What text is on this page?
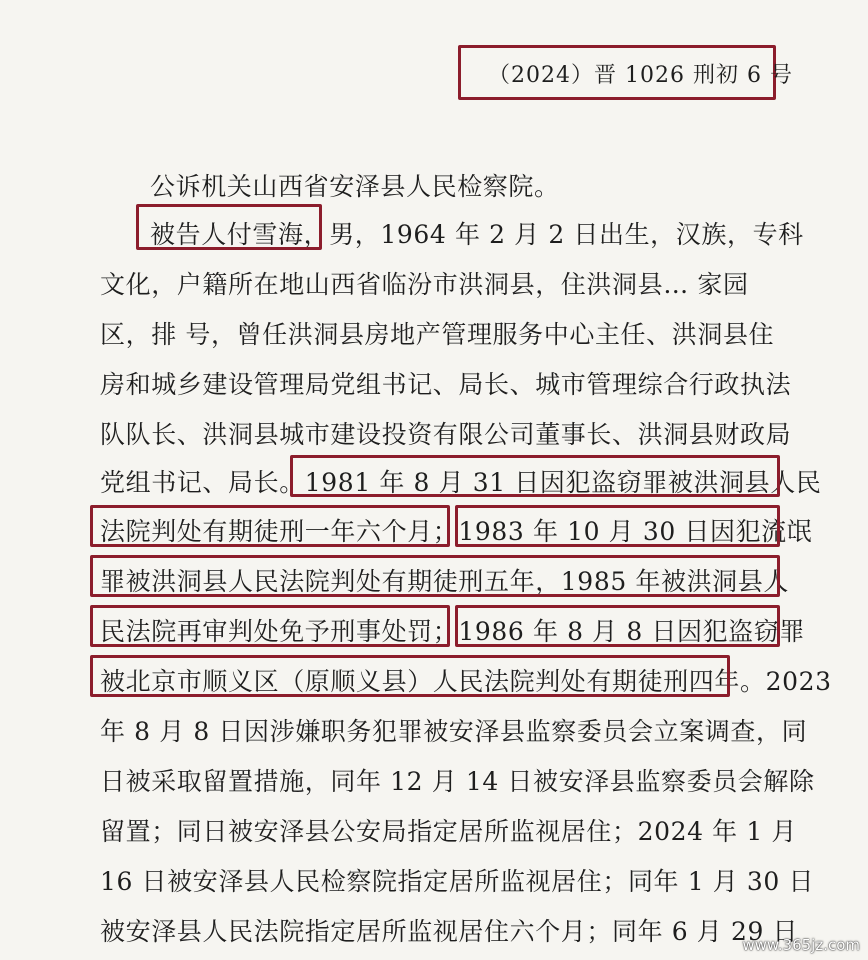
（2024）晋 1026 刑初 6 号
公诉机关山西省安泽县人民检察院。
被告人付雪海，男，1964 年 2 月 2 日出生，汉族，专科
文化，户籍所在地山西省临汾市洪洞县，住洪洞县… 家园
区，排 号，曾任洪洞县房地产管理服务中心主任、洪洞县住
房和城乡建设管理局党组书记、局长、城市管理综合行政执法
队队长、洪洞县城市建设投资有限公司董事长、洪洞县财政局
党组书记、局长。1981 年 8 月 31 日因犯盗窃罪被洪洞县人民
法院判处有期徒刑一年六个月；1983 年 10 月 30 日因犯流氓
罪被洪洞县人民法院判处有期徒刑五年，1985 年被洪洞县人
民法院再审判处免予刑事处罚；1986 年 8 月 8 日因犯盗窃罪
被北京市顺义区（原顺义县）人民法院判处有期徒刑四年。2023
年 8 月 8 日因涉嫌职务犯罪被安泽县监察委员会立案调查，同
日被采取留置措施，同年 12 月 14 日被安泽县监察委员会解除
留置；同日被安泽县公安局指定居所监视居住；2024 年 1 月
16 日被安泽县人民检察院指定居所监视居住；同年 1 月 30 日
被安泽县人民法院指定居所监视居住六个月；同年 6 月 29 日
www.365jz.com
